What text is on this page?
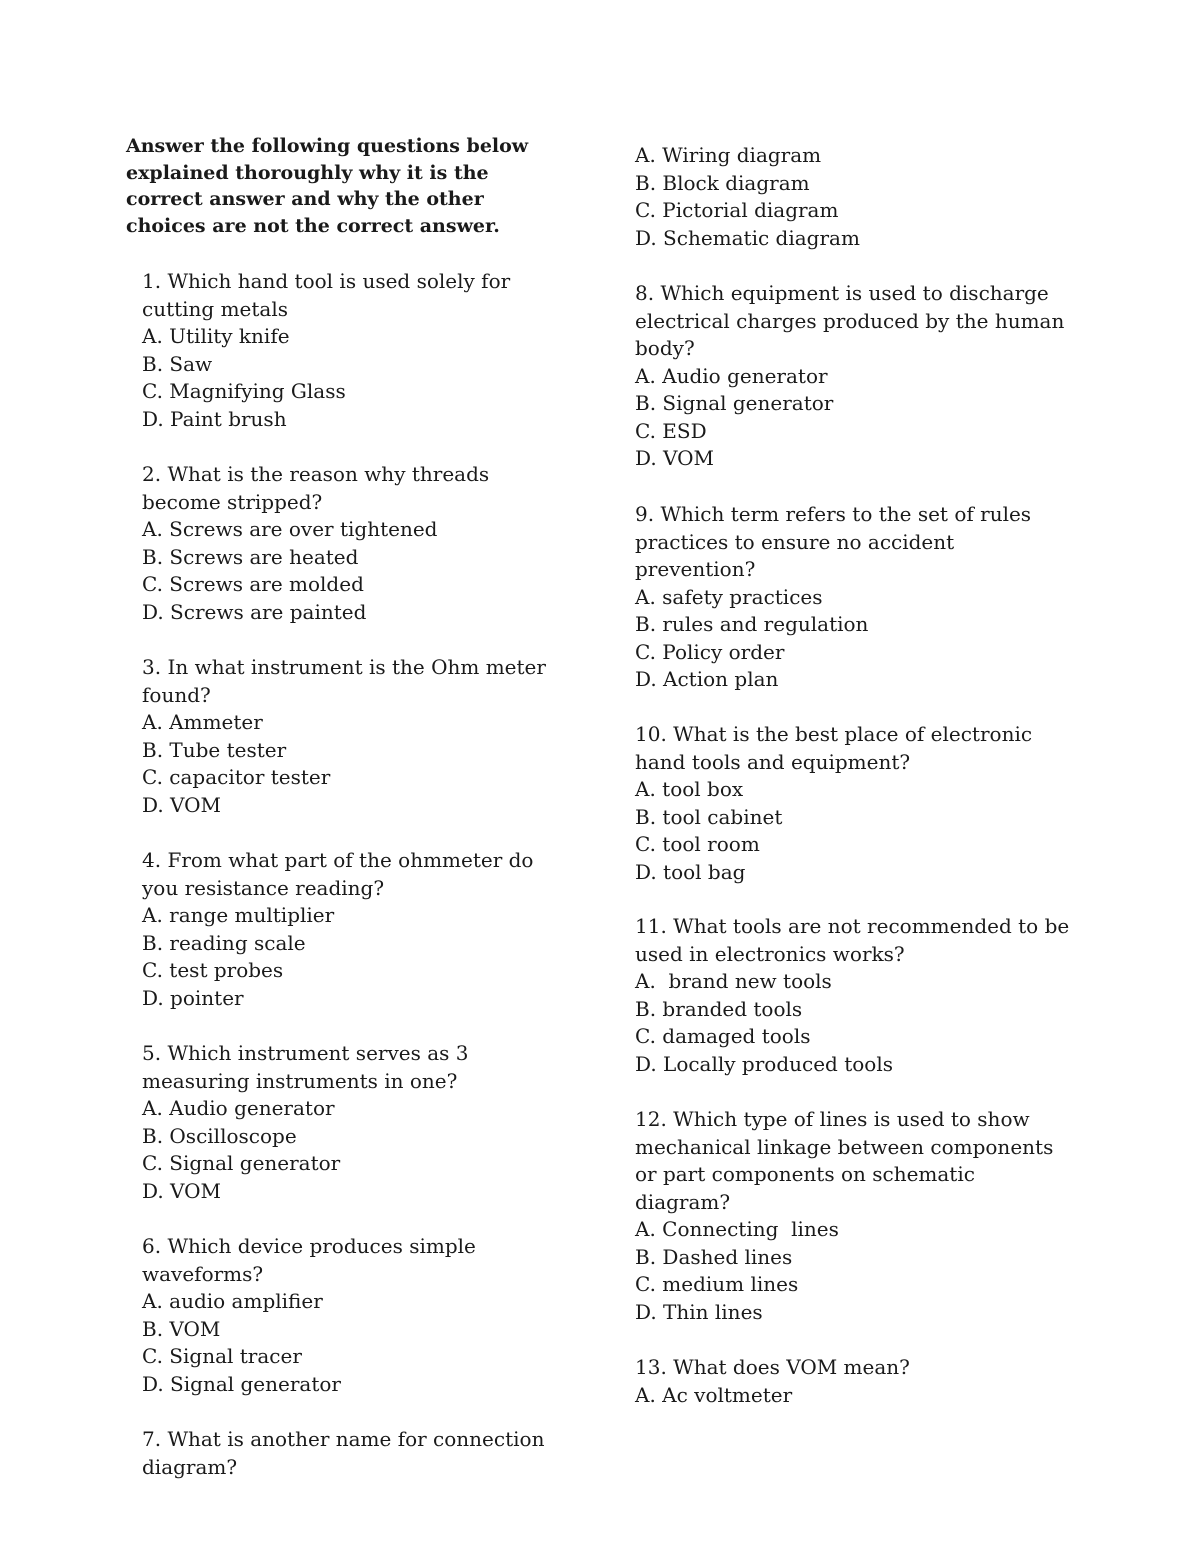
Answer the following questions below explained thoroughly why it is the correct answer and why the other choices are not the correct answer.

1. Which hand tool is used solely for cutting metals

A. Utility knife

B. Saw

C. Magnifying Glass

D. Paint brush

2. What is the reason why threads become stripped?

A. Screws are over tightened

B. Screws are heated

C. Screws are molded

D. Screws are painted

3. In what instrument is the Ohm meter found?

A. Ammeter

B. Tube tester

C. capacitor tester

D. VOM

4. From what part of the ohmmeter do you resistance reading?

A. range multiplier

B. reading scale

C. test probes

D. pointer

5. Which instrument serves as 3 measuring instruments in one?

A. Audio generator

B. Oscilloscope

C. Signal generator

D. VOM

6. Which device produces simple waveforms?

A. audio amplifier

B. VOM

C. Signal tracer

D. Signal generator

7. What is another name for connection diagram?

A. Wiring diagram

B. Block diagram

C. Pictorial diagram

D. Schematic diagram

8. Which equipment is used to discharge electrical charges produced by the human body?

A. Audio generator

B. Signal generator

C. ESD

D. VOM

9. Which term refers to the set of rules practices to ensure no accident prevention?

A. safety practices

B. rules and regulation

C. Policy order

D. Action plan

10. What is the best place of electronic hand tools and equipment?

A. tool box

B. tool cabinet

C. tool room

D. tool bag

11. What tools are not recommended to be used in electronics works?

A.  brand new tools

B. branded tools

C. damaged tools

D. Locally produced tools

12. Which type of lines is used to show mechanical linkage between components or part components on schematic diagram?

A. Connecting  lines

B. Dashed lines

C. medium lines

D. Thin lines

13. What does VOM mean?

A. Ac voltmeter
